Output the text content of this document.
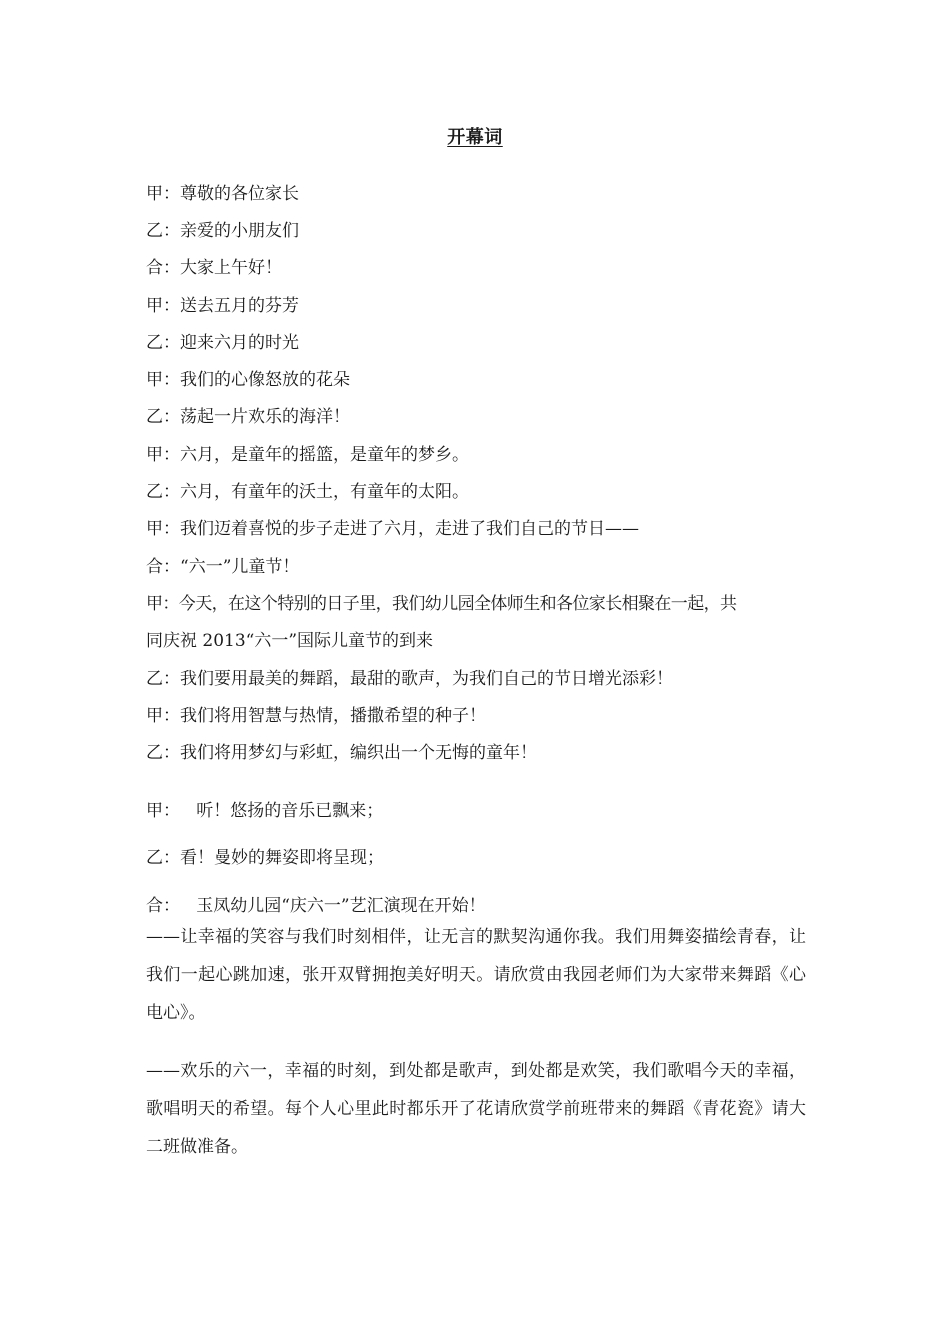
开幕词
甲：尊敬的各位家长
乙：亲爱的小朋友们
合：大家上午好！
甲：送去五月的芬芳
乙：迎来六月的时光
甲：我们的心像怒放的花朵
乙：荡起一片欢乐的海洋！
甲：六月，是童年的摇篮，是童年的梦乡。
乙：六月，有童年的沃土，有童年的太阳。
甲：我们迈着喜悦的步子走进了六月，走进了我们自己的节日——
合：“六一”儿童节！
甲：今天，在这个特别的日子里，我们幼儿园全体师生和各位家长相聚在一起，共
同庆祝 2013“六一”国际儿童节的到来
乙：我们要用最美的舞蹈，最甜的歌声，为我们自己的节日增光添彩！
甲：我们将用智慧与热情，播撒希望的种子！
乙：我们将用梦幻与彩虹，编织出一个无悔的童年！
甲：   听！悠扬的音乐已飘来；
乙：看！曼妙的舞姿即将呈现；
合：   玉凤幼儿园“庆六一”艺汇演现在开始！
——让幸福的笑容与我们时刻相伴，让无言的默契沟通你我。我们用舞姿描绘青春，让我们一起心跳加速，张开双臂拥抱美好明天。请欣赏由我园老师们为大家带来舞蹈《心电心》。
——欢乐的六一，幸福的时刻，到处都是歌声，到处都是欢笑，我们歌唱今天的幸福，歌唱明天的希望。每个人心里此时都乐开了花请欣赏学前班带来的舞蹈《青花瓷》请大二班做准备。
